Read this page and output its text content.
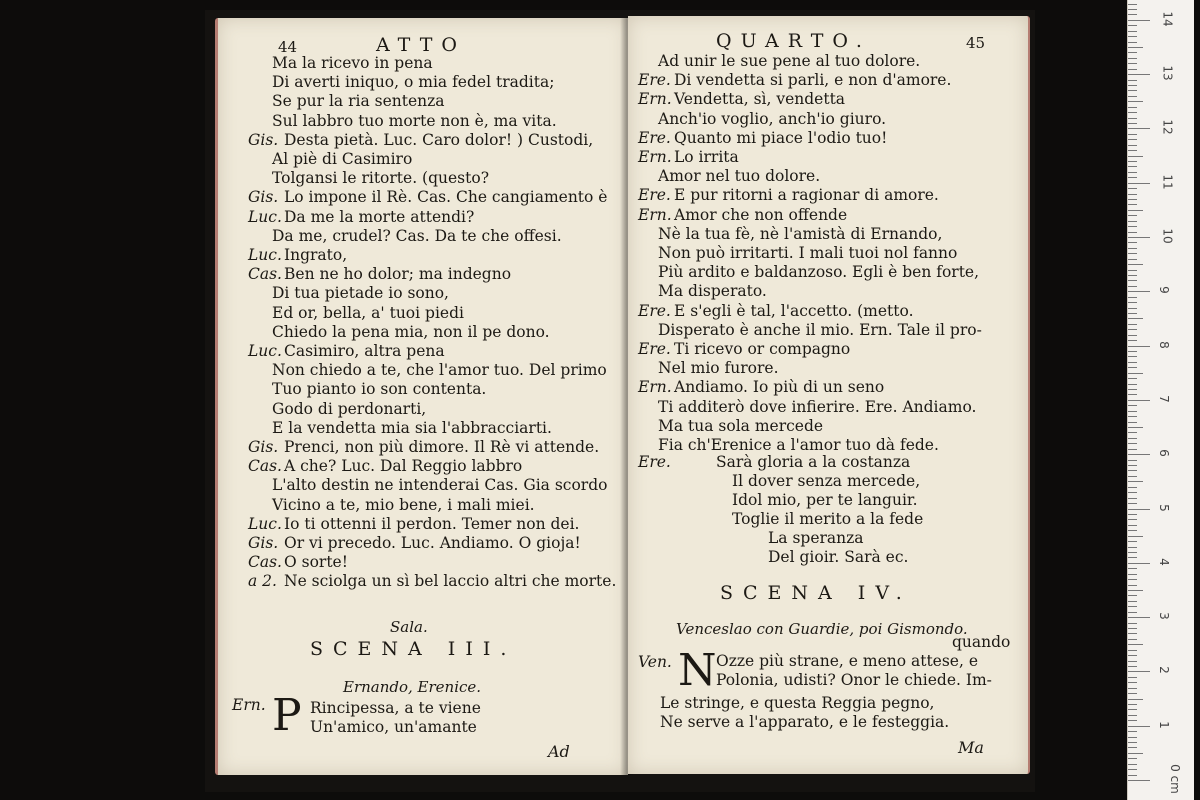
44	ATTO
Ma la ricevo in pena
Di averti iniquo, o mia fedel tradita;
Se pur la ria sentenza
Sul labbro tuo morte non è, ma vita.
Gis. Desta pietà. Luc. Caro dolor! ) Custodi,
Al piè di Casimiro
Tolgansi le ritorte. (questo?
Gis. Lo impone il Rè. Cas. Che cangiamento è
Luc. Da me la morte attendi?
Da me, crudel? Cas. Da te che offesi.
Luc. Ingrato,
Cas. Ben ne ho dolor; ma indegno
Di tua pietade io sono,
Ed or, bella, a' tuoi piedi
Chiedo la pena mia, non il pe dono.
Luc. Casimiro, altra pena
Non chiedo a te, che l'amor tuo. Del primo
Tuo pianto io son contenta.
Godo di perdonarti,
E la vendetta mia sia l'abbracciarti.
Gis. Prenci, non più dimore. Il Rè vi attende.
Cas. A che? Luc. Dal Reggio labbro
L'alto destin ne intenderai Cas. Gia scordo
Vicino a te, mio bene, i mali miei.
Luc. Io ti ottenni il perdon. Temer non dei.
Gis. Or vi precedo. Luc. Andiamo. O gioja!
Cas. O sorte!
a 2. Ne sciolga un sì bel laccio altri che morte.
Sala.
SCENA III.
Ernando, Erenice.
Ern. P Rincipessa, a te viene
Un'amico, un'amante
Ad
QUARTO.	45
Ad unir le sue pene al tuo dolore.
Ere. Di vendetta si parli, e non d'amore.
Ern. Vendetta, sì, vendetta
Anch'io voglio, anch'io giuro.
Ere. Quanto mi piace l'odio tuo!
Ern. Lo irrita
Amor nel tuo dolore.
Ere. E pur ritorni a ragionar di amore.
Ern. Amor che non offende
Nè la tua fè, nè l'amistà di Ernando,
Non può irritarti. I mali tuoi nol fanno
Più ardito e baldanzoso. Egli è ben forte,
Ma disperato.
Ere. E s'egli è tal, l'accetto. (metto.
Disperato è anche il mio. Ern. Tale il pro-
Ere. Ti ricevo or compagno
Nel mio furore.
Ern. Andiamo. Io più di un seno
Ti additerò dove infierire. Ere. Andiamo.
Ma tua sola mercede
Fia ch'Erenice a l'amor tuo dà fede.
Ere.	Sarà gloria a la costanza
Il dover senza mercede,
Idol mio, per te languir.
Toglie il merito a la fede
La speranza
Del gioir. Sarà ec.
SCENA IV.
Venceslao con Guardie, poi Gismondo.
quando
Ven. N Ozze più strane, e meno attese, e
Polonia, udisti? Onor le chiede. Im-
Le stringe, e questa Reggia pegno,
Ne serve a l'apparato, e le festeggia.
Ma
0 cm
1
2
3
4
5
6
7
8
9
10
11
12
13
14
